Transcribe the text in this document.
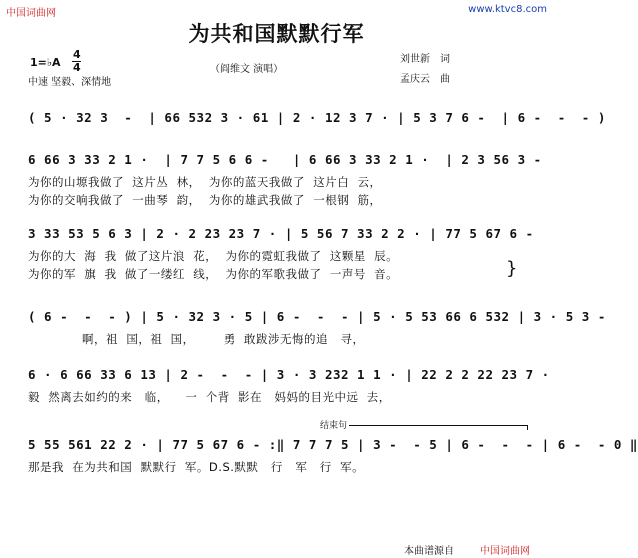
中国词曲网	www.ktvc8.com
为共和国默默行军
1=♭A
4
4
中速 坚毅、深情地
（阎维文 演唱）
刘世新　词
孟庆云　曲
( 5 · 32 3  -  | 66 532 3 · 61 | 2 · 12 3 7 · | 5 3 7 6 -  | 6 -  -  - )
6 66 3 33 2 1 ·  | 7 7 5 6 6 -   | 6 66 3 33 2 1 ·  | 2 3 56 3 -
为你的山塬我做了  这片丛  林，  为你的蓝天我做了  这片白  云，
为你的交响我做了  一曲琴  韵，  为你的雄武我做了  一根钢  筋，
3 33 53 5 6 3 | 2 · 2 23 23 7 · | 5 56 7 33 2 2 · | 77 5 67 6 -
为你的大  海  我  做了这片浪  花，  为你的霓虹我做了  这颗星  辰。
为你的军  旗  我  做了一缕红  线，  为你的军歌我做了  一声号  音。	}
( 6 -  -  - ) | 5 · 32 3 · 5 | 6 -  -  - | 5 · 5 53 66 6 532 | 3 · 5 3 -
啊，祖  国，祖  国，       勇  敢跋涉无悔的追   寻，
6 · 6 66 33 6 13 | 2 -  -  - | 3 · 3 232 1 1 · | 22 2 2 22 23 7 ·
毅  然离去如约的来   临，    一  个背  影在   妈妈的目光中远  去，
结束句
5 55 561 22 2 · | 77 5 67 6 - :‖ 7 7 7 5 | 3 -  - 5 | 6 -  -  - | 6 -  - 0 ‖
那是我  在为共和国  默默行  军。D.S.默默   行   军   行  军。
本曲谱源自	中国词曲网
